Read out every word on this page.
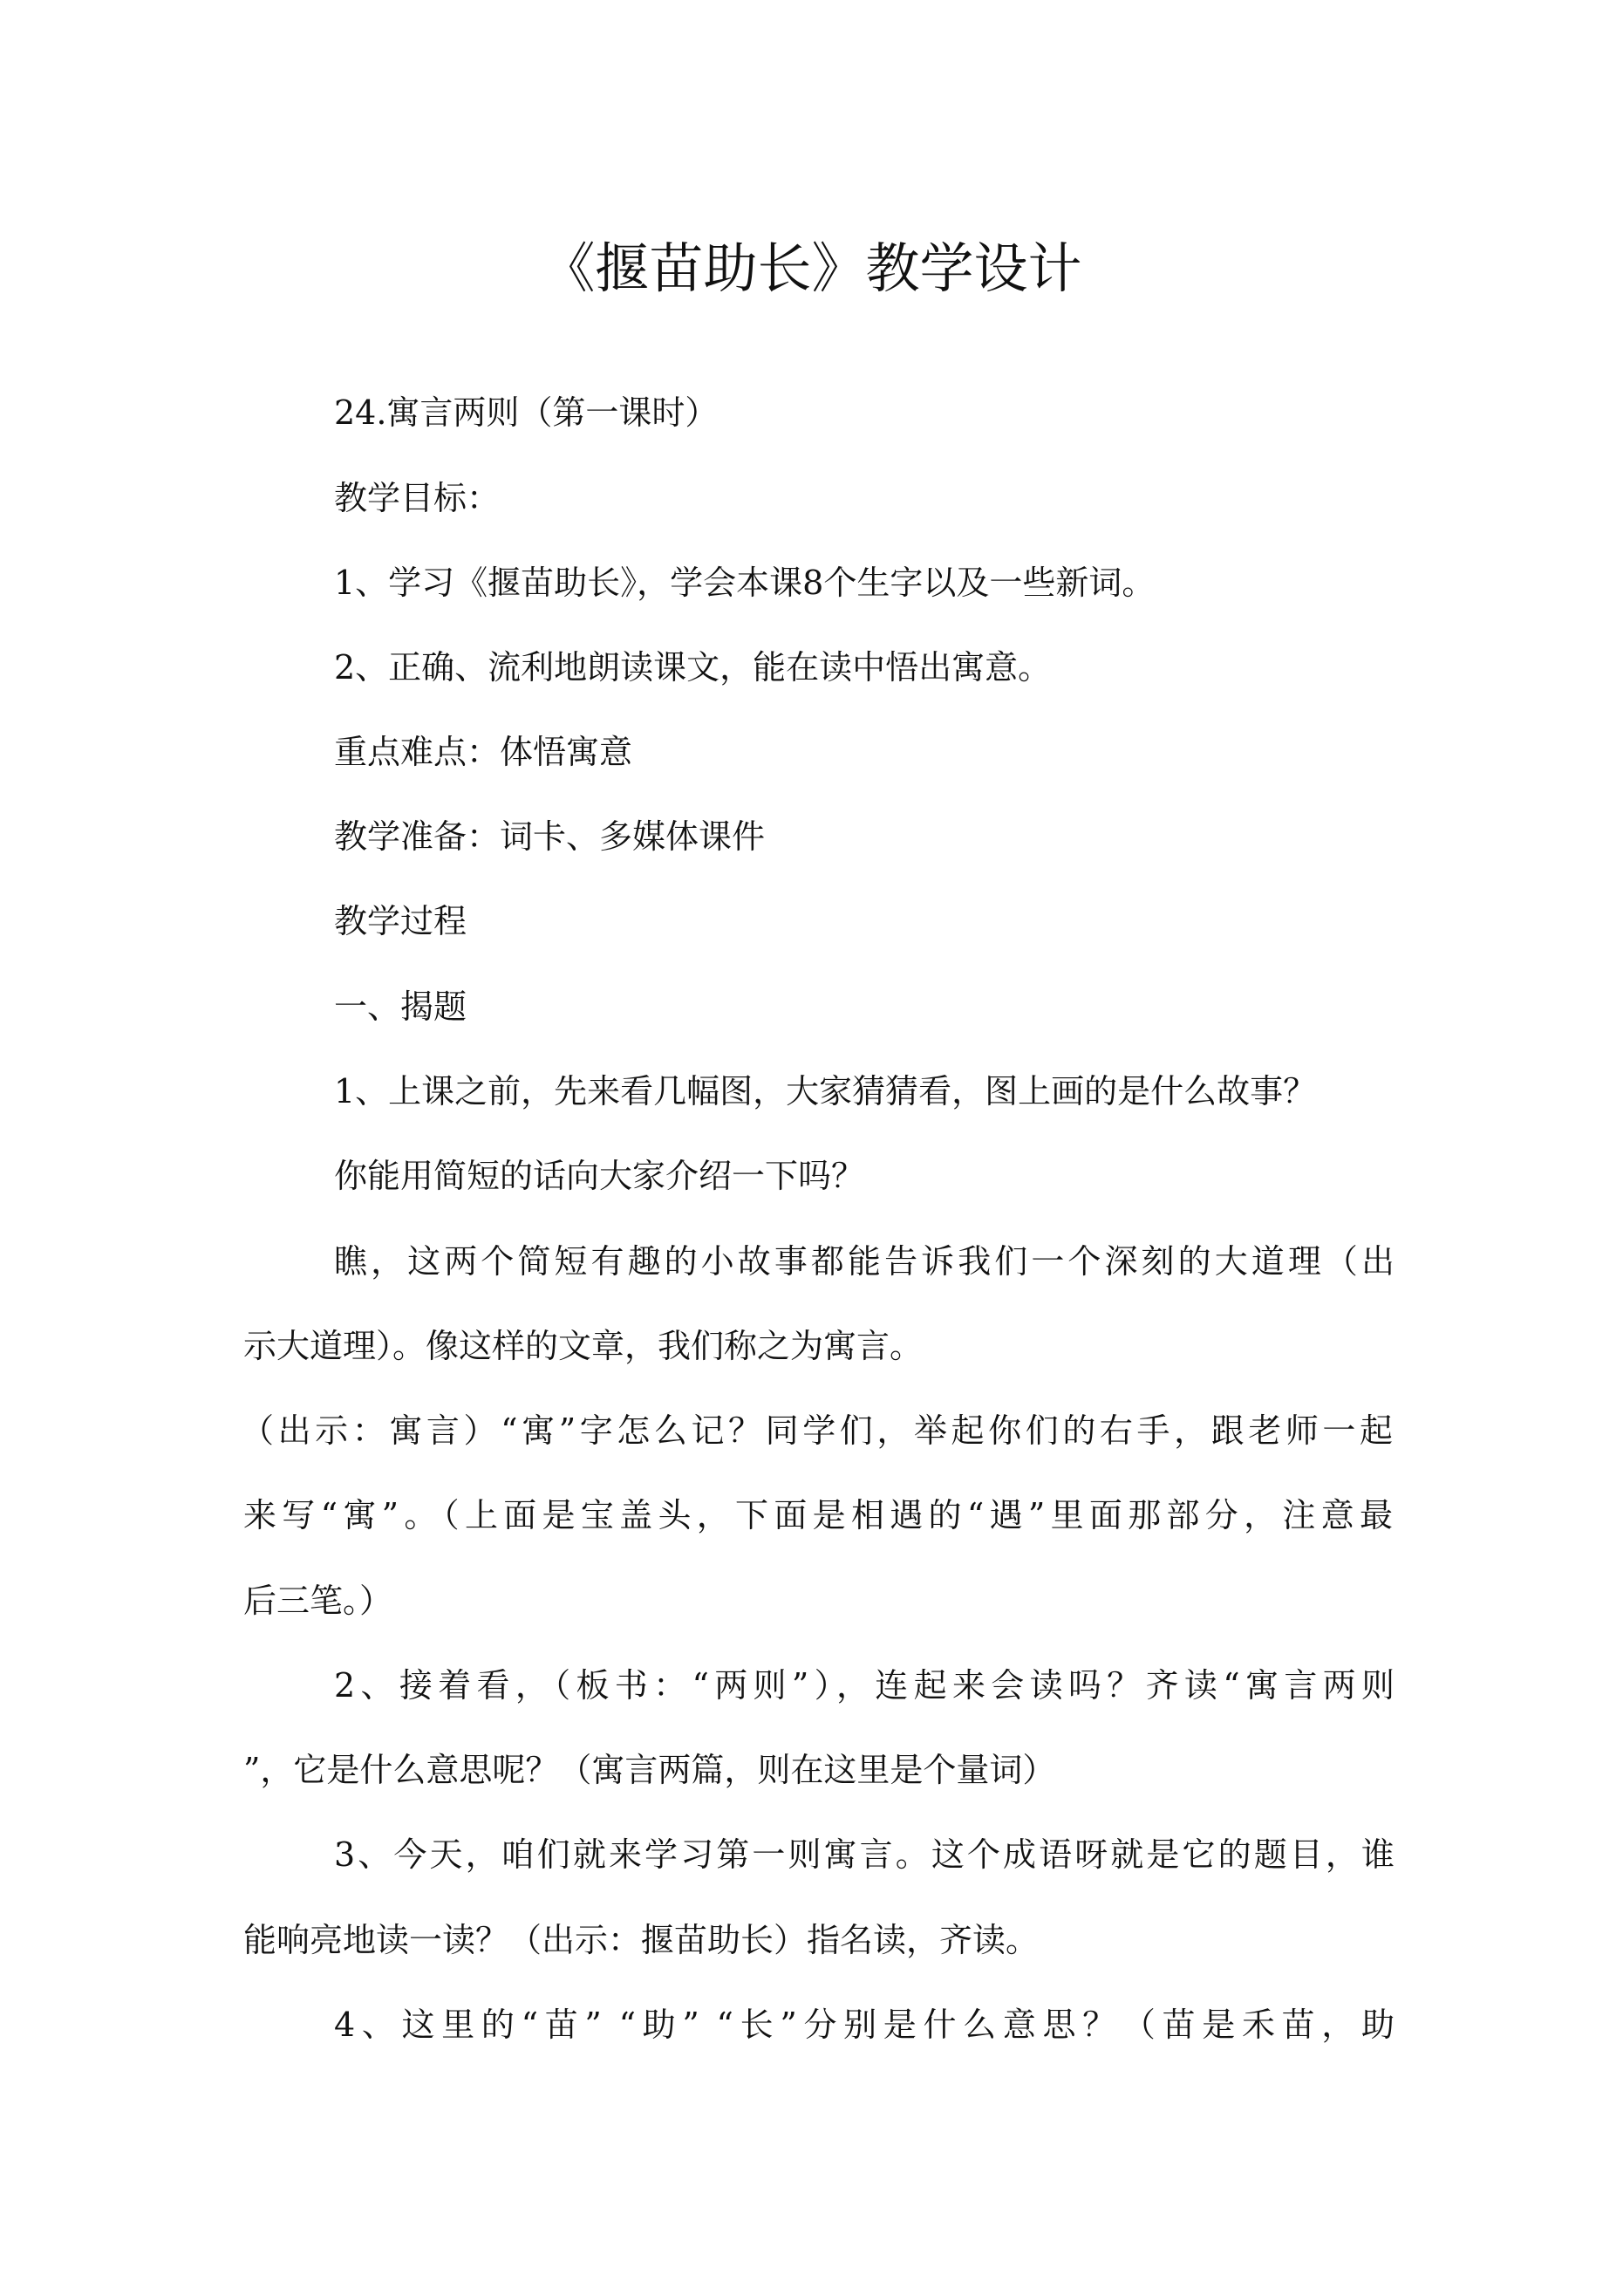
《揠苗助长》教学设计
24.寓言两则（第一课时）
教学目标：
1、学习《揠苗助长》，学会本课8个生字以及一些新词。
2、正确、流利地朗读课文，能在读中悟出寓意。
重点难点：体悟寓意
教学准备：词卡、多媒体课件
教学过程
一、揭题
1、上课之前，先来看几幅图，大家猜猜看，图上画的是什么故事？
你能用简短的话向大家介绍一下吗？
瞧，这两个简短有趣的小故事都能告诉我们一个深刻的大道理（出
示大道理）。像这样的文章，我们称之为寓言。
（出示：寓言）“寓”字怎么记？同学们，举起你们的右手，跟老师一起
来写“寓”。（上面是宝盖头，下面是相遇的“遇”里面那部分，注意最
后三笔。）
2、接着看，（板书：“两则”），连起来会读吗？齐读“寓言两则
”，它是什么意思呢？（寓言两篇，则在这里是个量词）
3、今天，咱们就来学习第一则寓言。这个成语呀就是它的题目，谁
能响亮地读一读？（出示：揠苗助长）指名读，齐读。
4、这里的“苗” “助” “长”分别是什么意思？（苗是禾苗，助
